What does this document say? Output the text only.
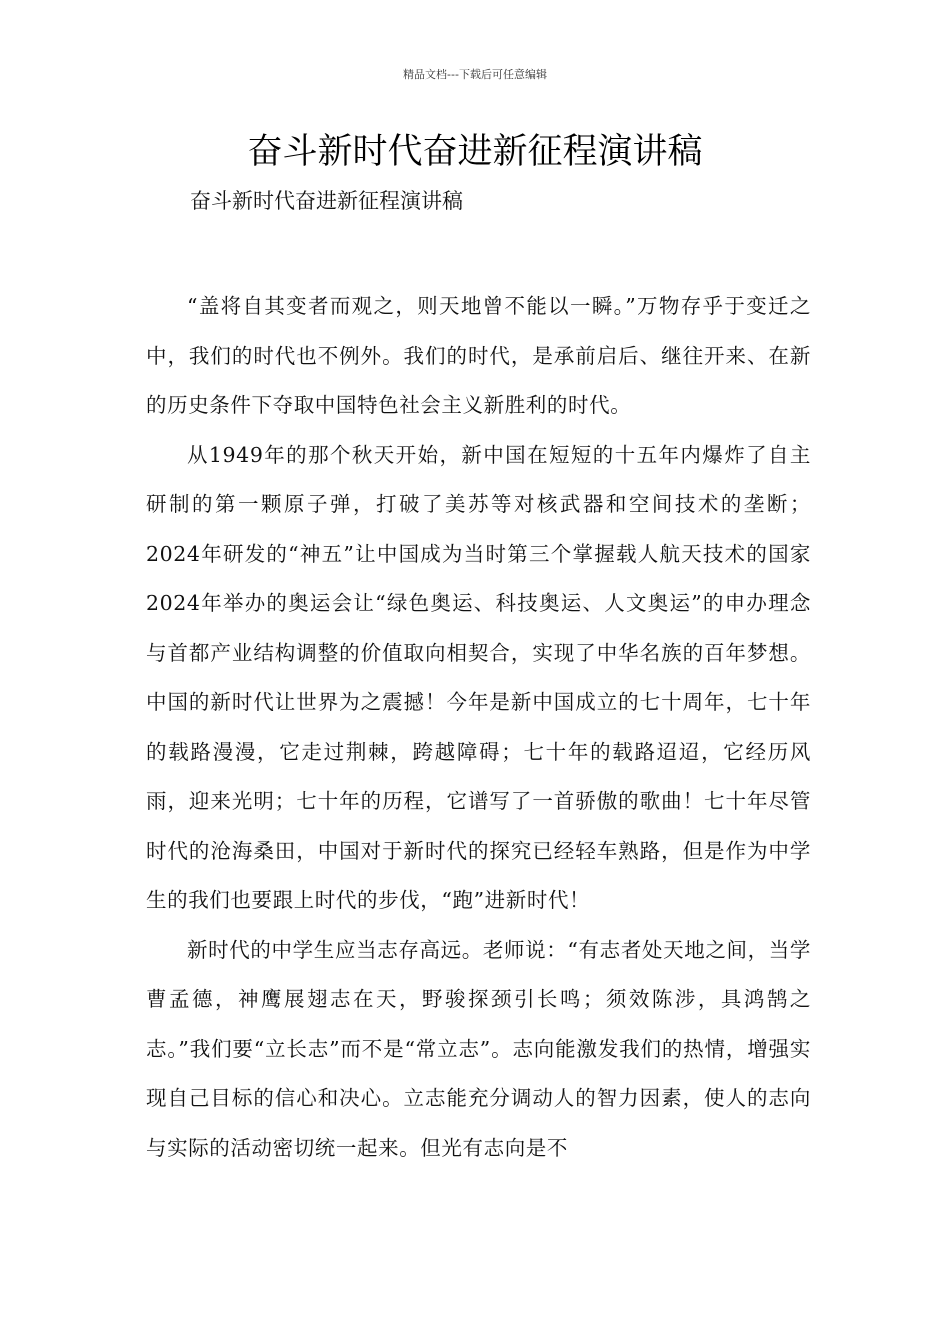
精品文档---下载后可任意编辑
奋斗新时代奋进新征程演讲稿
奋斗新时代奋进新征程演讲稿

“盖将自其变者而观之，则天地曾不能以一瞬。”万物存乎于变迁之中，我们的时代也不例外。我们的时代，是承前启后、继往开来、在新的历史条件下夺取中国特色社会主义新胜利的时代。

从1949年的那个秋天开始，新中国在短短的十五年内爆炸了自主研制的第一颗原子弹，打破了美苏等对核武器和空间技术的垄断；2024年研发的“神五”让中国成为当时第三个掌握载人航天技术的国家2024年举办的奥运会让“绿色奥运、科技奥运、人文奥运”的申办理念与首都产业结构调整的价值取向相契合，实现了中华名族的百年梦想。中国的新时代让世界为之震撼！今年是新中国成立的七十周年，七十年的载路漫漫，它走过荆棘，跨越障碍；七十年的载路迢迢，它经历风雨，迎来光明；七十年的历程，它谱写了一首骄傲的歌曲！七十年尽管时代的沧海桑田，中国对于新时代的探究已经轻车熟路，但是作为中学生的我们也要跟上时代的步伐，“跑”进新时代！

新时代的中学生应当志存高远。老师说：“有志者处天地之间，当学曹孟德，神鹰展翅志在天，野骏探颈引长鸣；须效陈涉，具鸿鹄之志。”我们要“立长志”而不是“常立志”。志向能激发我们的热情，增强实现自己目标的信心和决心。立志能充分调动人的智力因素，使人的志向与实际的活动密切统一起来。但光有志向是不
